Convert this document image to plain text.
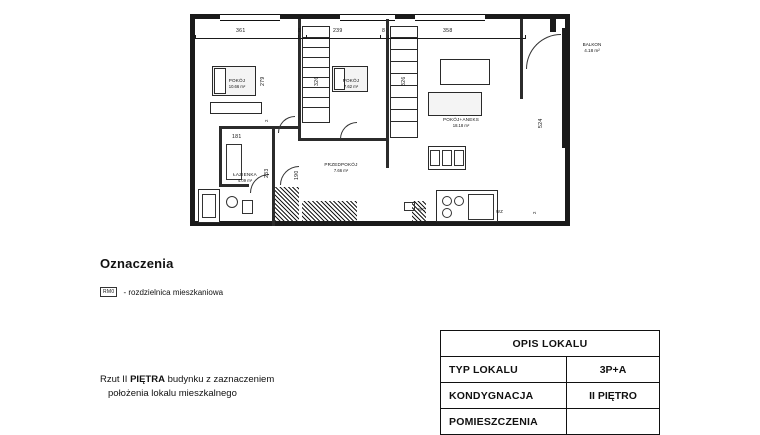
POKÓJ
10.66 m²
POKÓJ
7.62 m²
POKÓJ+ANEKS
18.18 m²
PRZEDPOKÓJ
7.66 m²
ŁAZIENKA
4.09 m²
BALKON
4.18 m²
WC	WZ
361	8	239	8	358
279	326	326
524
233	190
2
2
181
Oznaczenia
RM0	- rozdzielnica mieszkaniowa
Rzut II PIĘTRA budynku z zaznaczeniem
położenia lokalu mieszkalnego
OPIS LOKALU	
TYP LOKALU	3P+A
KONDYGNACJA	II PIĘTRO
POMIESZCZENIA	
